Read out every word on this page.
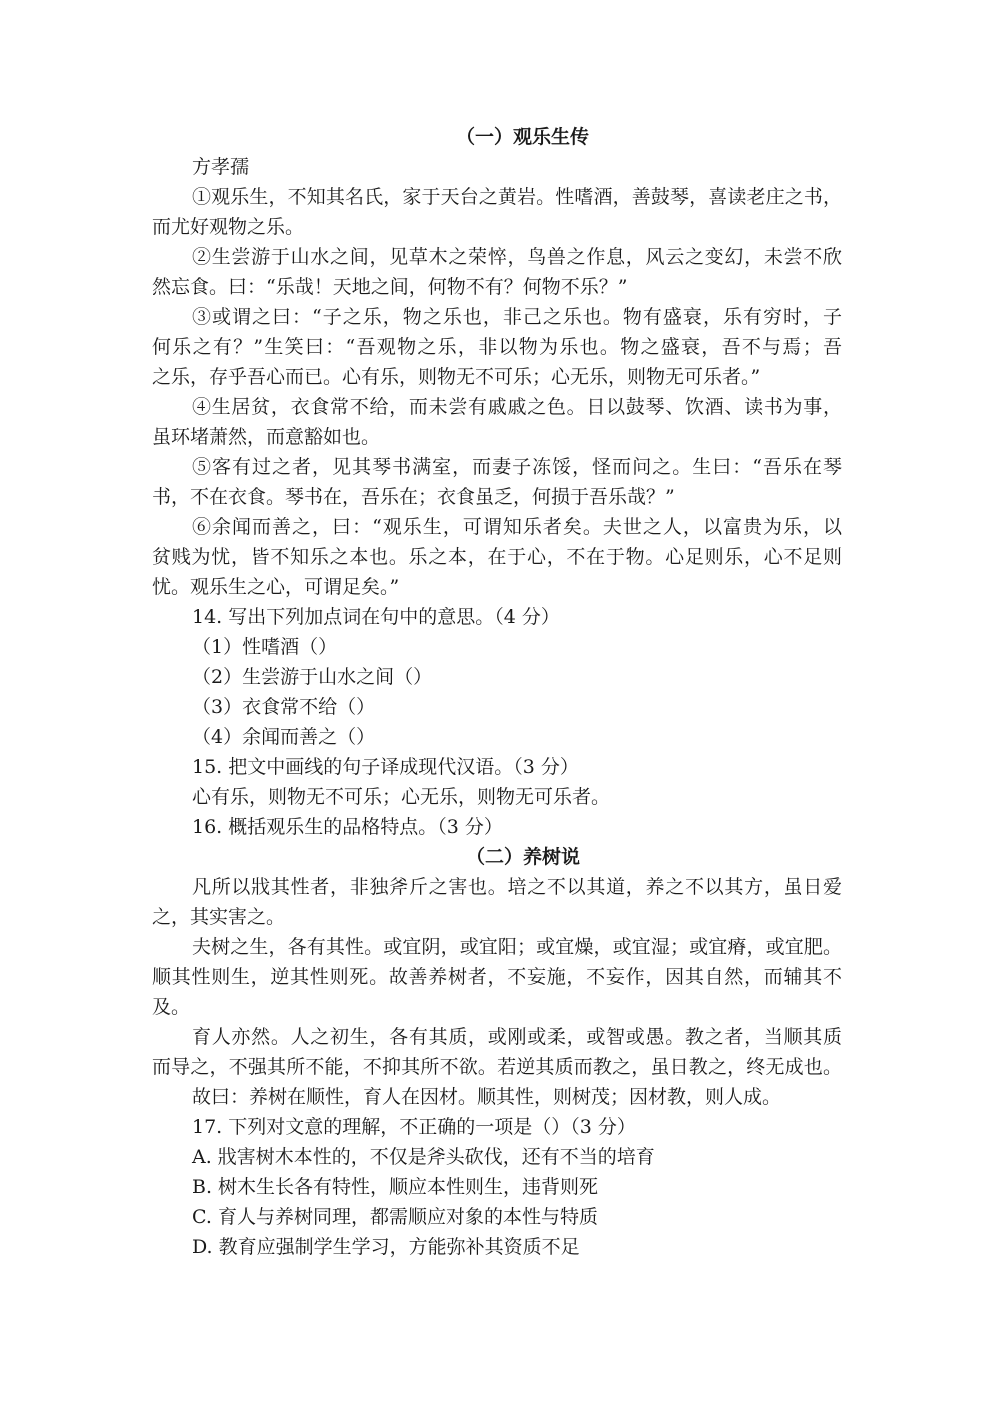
（一）观乐生传
方孝孺
①观乐生，不知其名氏，家于天台之黄岩。性嗜酒，善鼓琴，喜读老庄之书，
而尤好观物之乐。
②生尝游于山水之间，见草木之荣悴，鸟兽之作息，风云之变幻，未尝不欣
然忘食。曰：“乐哉！天地之间，何物不有？何物不乐？”
③或谓之曰：“子之乐，物之乐也，非己之乐也。物有盛衰，乐有穷时，子
何乐之有？”生笑曰：“吾观物之乐，非以物为乐也。物之盛衰，吾不与焉；吾
之乐，存乎吾心而已。心有乐，则物无不可乐；心无乐，则物无可乐者。”
④生居贫，衣食常不给，而未尝有戚戚之色。日以鼓琴、饮酒、读书为事，
虽环堵萧然，而意豁如也。
⑤客有过之者，见其琴书满室，而妻子冻馁，怪而问之。生曰：“吾乐在琴
书，不在衣食。琴书在，吾乐在；衣食虽乏，何损于吾乐哉？”
⑥余闻而善之，曰：“观乐生，可谓知乐者矣。夫世之人，以富贵为乐，以
贫贱为忧，皆不知乐之本也。乐之本，在于心，不在于物。心足则乐，心不足则
忧。观乐生之心，可谓足矣。”
14. 写出下列加点词在句中的意思。（4 分）
（1）性嗜酒（）
（2）生尝游于山水之间（）
（3）衣食常不给（）
（4）余闻而善之（）
15. 把文中画线的句子译成现代汉语。（3 分）
心有乐，则物无不可乐；心无乐，则物无可乐者。
16. 概括观乐生的品格特点。（3 分）
（二）养树说
凡所以戕其性者，非独斧斤之害也。培之不以其道，养之不以其方，虽日爱
之，其实害之。
夫树之生，各有其性。或宜阴，或宜阳；或宜燥，或宜湿；或宜瘠，或宜肥。
顺其性则生，逆其性则死。故善养树者，不妄施，不妄作，因其自然，而辅其不
及。
育人亦然。人之初生，各有其质，或刚或柔，或智或愚。教之者，当顺其质
而导之，不强其所不能，不抑其所不欲。若逆其质而教之，虽日教之，终无成也。
故曰：养树在顺性，育人在因材。顺其性，则树茂；因材教，则人成。
17. 下列对文意的理解，不正确的一项是（）（3 分）
A. 戕害树木本性的，不仅是斧头砍伐，还有不当的培育
B. 树木生长各有特性，顺应本性则生，违背则死
C. 育人与养树同理，都需顺应对象的本性与特质
D. 教育应强制学生学习，方能弥补其资质不足
